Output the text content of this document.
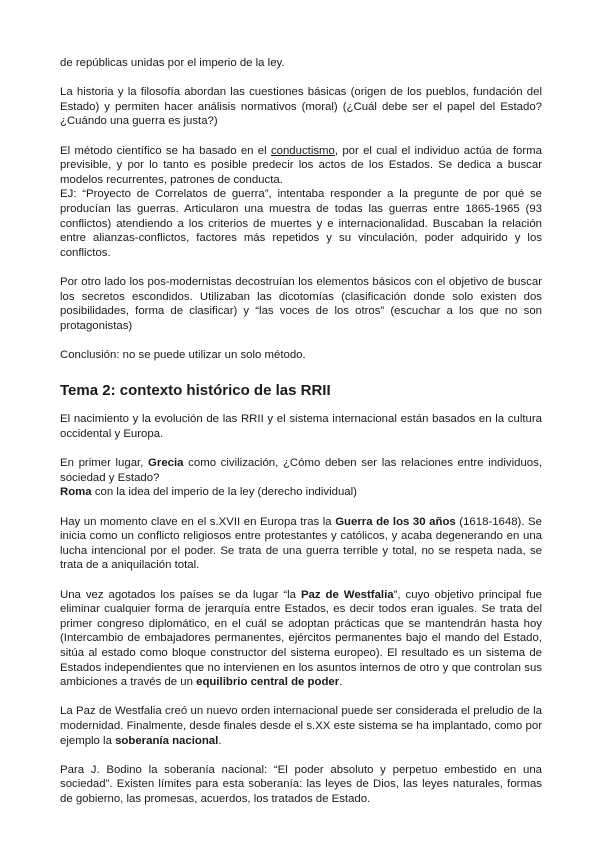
de repúblicas unidas por el imperio de la ley.

La historia y la filosofía abordan las cuestiones básicas (origen de los pueblos, fundación del Estado) y permiten hacer análisis normativos (moral) (¿Cuál debe ser el papel del Estado? ¿Cuándo una guerra es justa?)

El método científico se ha basado en el conductismo, por el cual el individuo actúa de forma previsible, y por lo tanto es posible predecir los actos de los Estados. Se dedica a buscar modelos recurrentes, patrones de conducta.

EJ: “Proyecto de Correlatos de guerra”, intentaba responder a la pregunte de por qué se producían las guerras. Articularon una muestra de todas las guerras entre 1865-1965 (93 conflictos) atendiendo a los criterios de muertes y e internacionalidad. Buscaban la relación entre alianzas-conflictos, factores más repetidos y su vinculación, poder adquirido y los conflictos.

Por otro lado los pos-modernistas decostruían los elementos básicos con el objetivo de buscar los secretos escondidos. Utilizaban las dicotomías (clasificación donde solo existen dos posibilidades, forma de clasificar) y “las voces de los otros” (escuchar a los que no son protagonistas)

Conclusión: no se puede utilizar un solo método.

Tema 2: contexto histórico de las RRII

El nacimiento y la evolución de las RRII y el sistema internacional están basados en la cultura occidental y Europa.

En primer lugar, Grecia como civilización, ¿Cómo deben ser las relaciones entre individuos, sociedad y Estado?
Roma con la idea del imperio de la ley (derecho individual)

Hay un momento clave en el s.XVII en Europa tras la Guerra de los 30 años (1618-1648). Se inicia como un conflicto religiosos entre protestantes y católicos, y acaba degenerando en una lucha intencional por el poder. Se trata de una guerra terrible y total, no se respeta nada, se trata de a aniquilación total.

Una vez agotados los países se da lugar “la Paz de Westfalia”, cuyo objetivo principal fue eliminar cualquier forma de jerarquía entre Estados, es decir todos eran iguales. Se trata del primer congreso diplomático, en el cuál se adoptan prácticas que se mantendrán hasta hoy (Intercambio de embajadores permanentes, ejércitos permanentes bajo el mando del Estado, sitúa al estado como bloque constructor del sistema europeo). El resultado es un sistema de Estados independientes que no intervienen en los asuntos internos de otro y que controlan sus ambiciones a través de un equilibrio central de poder.

La Paz de Westfalia creó un nuevo orden internacional puede ser considerada el preludio de la modernidad. Finalmente, desde finales desde el s.XX este sistema se ha implantado, como por ejemplo la soberanía nacional.

Para J. Bodino la soberanía nacional: “El poder absoluto y perpetuo embestido en una sociedad”. Existen límites para esta soberanía: las leyes de Dios, las leyes naturales, formas de gobierno, las promesas, acuerdos, los tratados de Estado.
